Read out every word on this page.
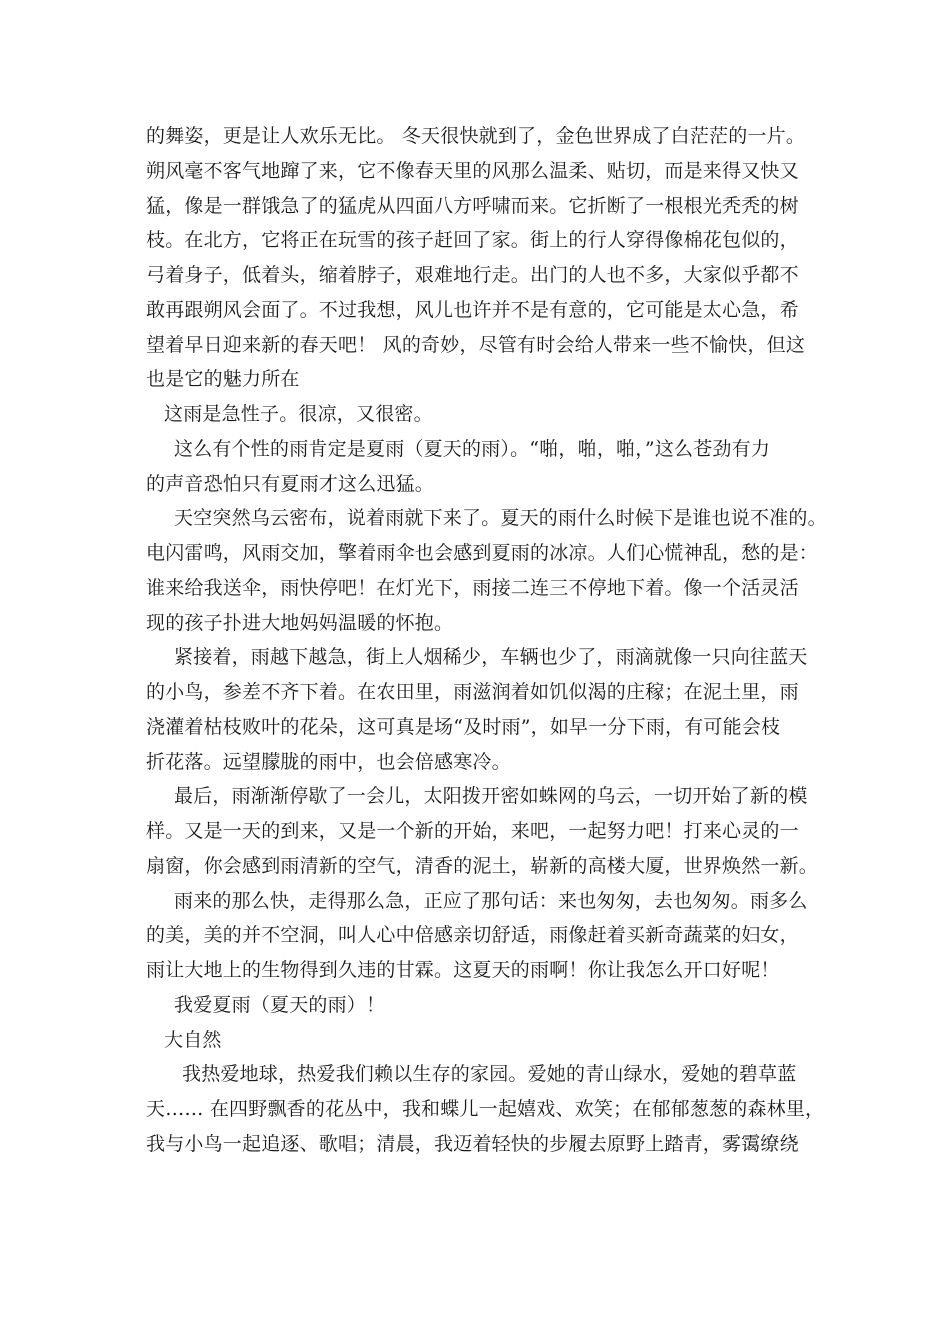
的舞姿，更是让人欢乐无比。 冬天很快就到了，金色世界成了白茫茫的一片。
朔风毫不客气地蹿了来，它不像春天里的风那么温柔、贴切，而是来得又快又
猛，像是一群饿急了的猛虎从四面八方呼啸而来。它折断了一根根光秃秃的树
枝。在北方，它将正在玩雪的孩子赶回了家。街上的行人穿得像棉花包似的，
弓着身子，低着头，缩着脖子，艰难地行走。出门的人也不多，大家似乎都不
敢再跟朔风会面了。不过我想，风儿也许并不是有意的，它可能是太心急，希
望着早日迎来新的春天吧！ 风的奇妙，尽管有时会给人带来一些不愉快，但这
也是它的魅力所在
这雨是急性子。很凉，又很密。
这么有个性的雨肯定是夏雨（夏天的雨）。“啪，啪，啪，”这么苍劲有力
的声音恐怕只有夏雨才这么迅猛。
天空突然乌云密布，说着雨就下来了。夏天的雨什么时候下是谁也说不准的。
电闪雷鸣，风雨交加，擎着雨伞也会感到夏雨的冰凉。人们心慌神乱，愁的是：
谁来给我送伞，雨快停吧！在灯光下，雨接二连三不停地下着。像一个活灵活
现的孩子扑进大地妈妈温暖的怀抱。
紧接着，雨越下越急，街上人烟稀少，车辆也少了，雨滴就像一只向往蓝天
的小鸟，参差不齐下着。在农田里，雨滋润着如饥似渴的庄稼；在泥土里，雨
浇灌着枯枝败叶的花朵，这可真是场“及时雨”，如早一分下雨，有可能会枝
折花落。远望朦胧的雨中，也会倍感寒冷。
最后，雨渐渐停歇了一会儿，太阳拨开密如蛛网的乌云，一切开始了新的模
样。又是一天的到来，又是一个新的开始，来吧，一起努力吧！打来心灵的一
扇窗，你会感到雨清新的空气，清香的泥土，崭新的高楼大厦，世界焕然一新。
雨来的那么快，走得那么急，正应了那句话：来也匆匆，去也匆匆。雨多么
的美，美的并不空洞，叫人心中倍感亲切舒适，雨像赶着买新奇蔬菜的妇女，
雨让大地上的生物得到久违的甘霖。这夏天的雨啊！你让我怎么开口好呢！
我爱夏雨（夏天的雨）！
大自然
我热爱地球，热爱我们赖以生存的家园。爱她的青山绿水，爱她的碧草蓝
天…… 在四野飘香的花丛中，我和蝶儿一起嬉戏、欢笑；在郁郁葱葱的森林里，
我与小鸟一起追逐、歌唱；清晨，我迈着轻快的步履去原野上踏青，雾霭缭绕
